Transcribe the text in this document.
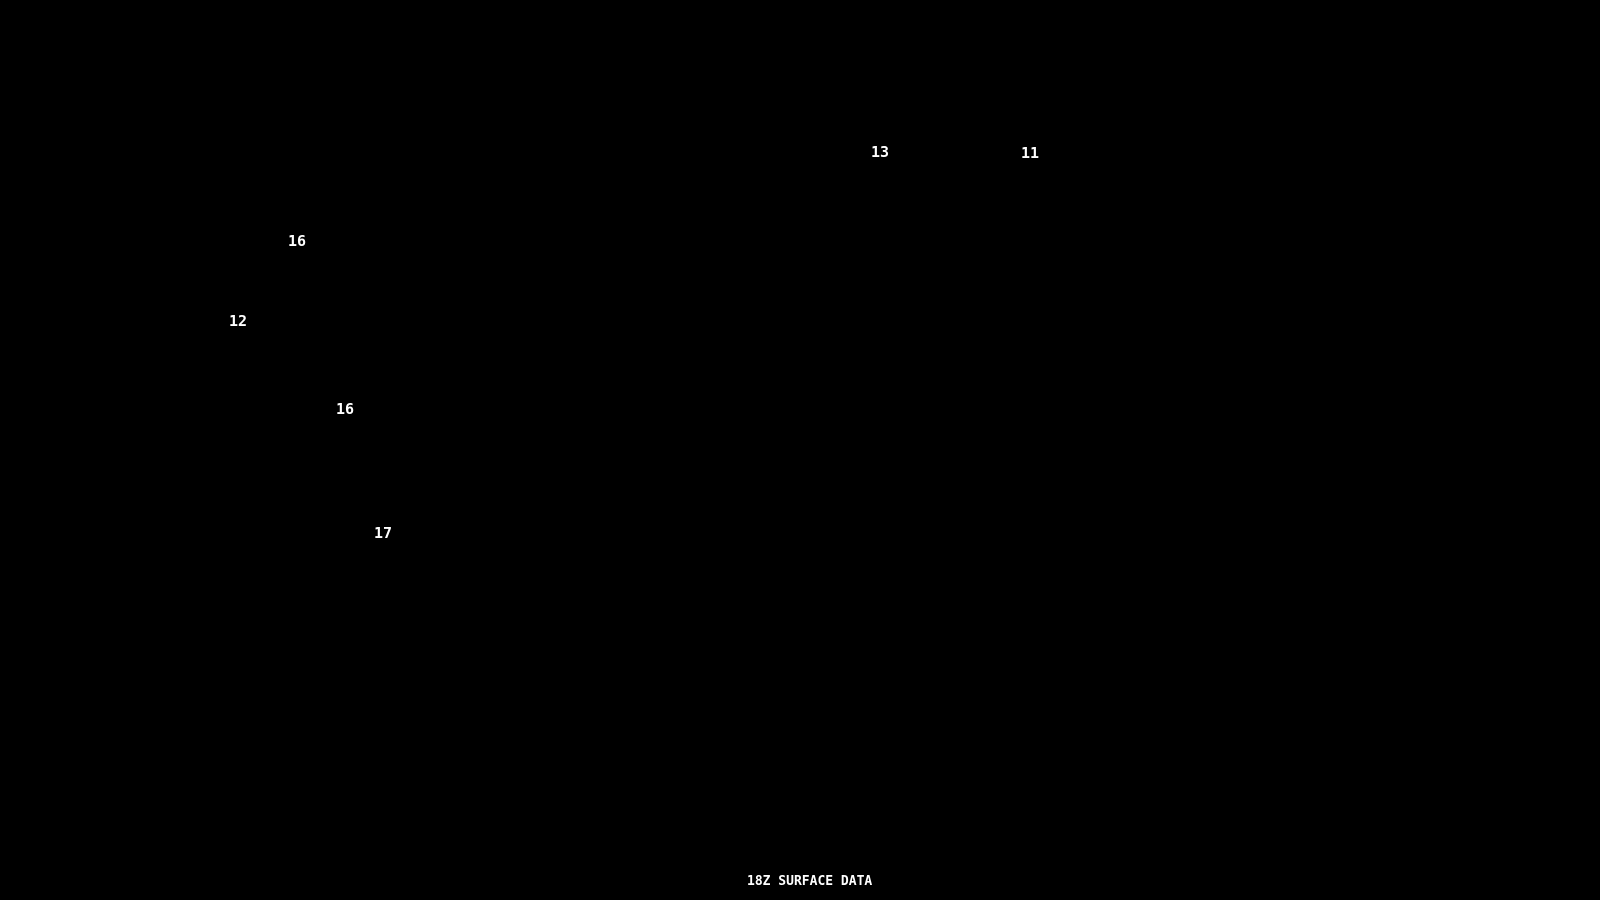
18Z SURFACE DATA
13	11
16
12
16
17
